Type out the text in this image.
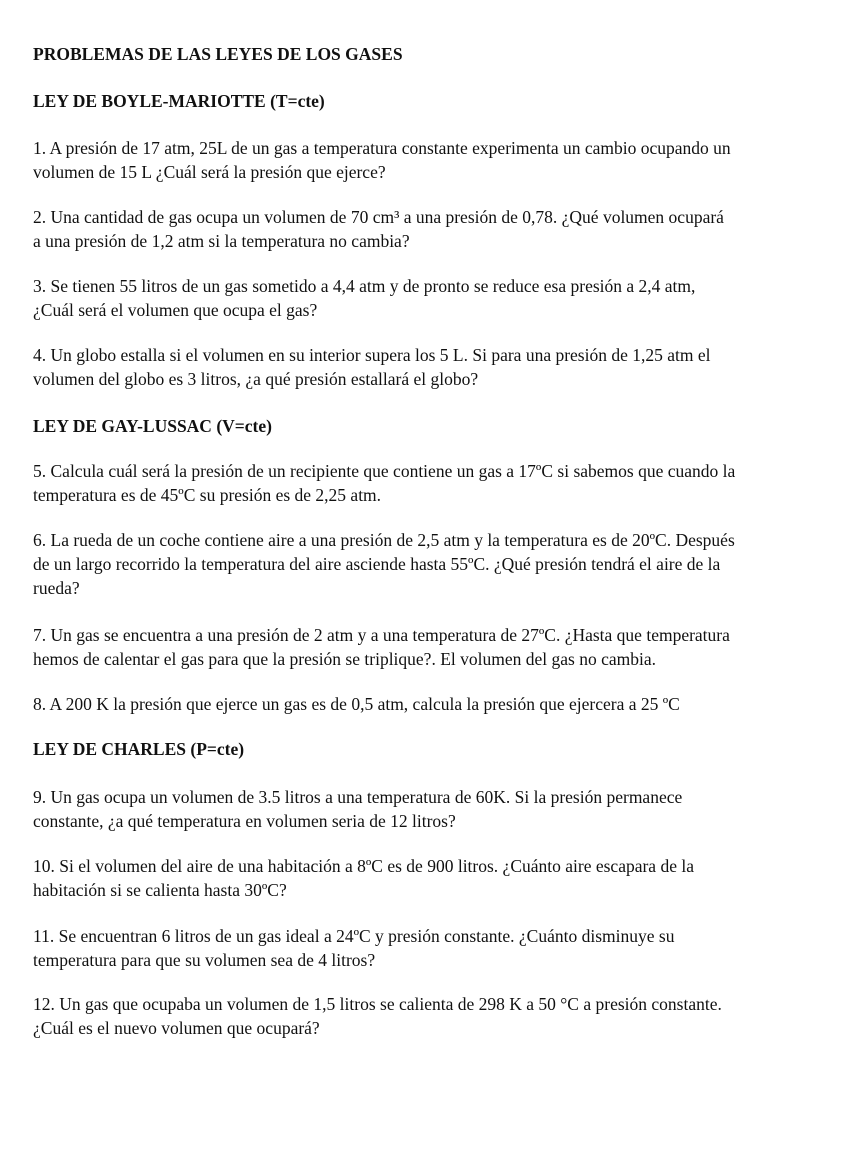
PROBLEMAS DE LAS LEYES DE LOS GASES
LEY DE BOYLE-MARIOTTE (T=cte)
1. A presión de 17 atm, 25L de un gas a temperatura constante experimenta un cambio ocupando un
volumen de 15 L ¿Cuál será la presión que ejerce?
2. Una cantidad de gas ocupa un volumen de 70 cm³ a una presión de 0,78. ¿Qué volumen ocupará
a una presión de 1,2 atm si la temperatura no cambia?
3. Se tienen 55 litros de un gas sometido a 4,4 atm y de pronto se reduce esa presión a 2,4 atm,
¿Cuál será el volumen que ocupa el gas?
4. Un globo estalla si el volumen en su interior supera los 5 L. Si para una presión de 1,25 atm el
volumen del globo es 3 litros, ¿a qué presión estallará el globo?
LEY DE GAY-LUSSAC (V=cte)
5. Calcula cuál será la presión de un recipiente que contiene un gas a 17ºC si sabemos que cuando la
temperatura es de 45ºC su presión es de 2,25 atm.
6. La rueda de un coche contiene aire a una presión de 2,5 atm y la temperatura es de 20ºC. Después
de un largo recorrido la temperatura del aire asciende hasta 55ºC. ¿Qué presión tendrá el aire de la
rueda?
7. Un gas se encuentra a una presión de 2 atm y a una temperatura de 27ºC. ¿Hasta que temperatura
hemos de calentar el gas para que la presión se triplique?. El volumen del gas no cambia.
8. A 200 K la presión que ejerce un gas es de 0,5 atm, calcula la presión que ejercera a 25 ºC
LEY DE CHARLES (P=cte)
9. Un gas ocupa un volumen de 3.5 litros a una temperatura de 60K. Si la presión permanece
constante, ¿a qué temperatura en volumen seria de 12 litros?
10. Si el volumen del aire de una habitación a 8ºC es de 900 litros. ¿Cuánto aire escapara de la
habitación si se calienta hasta 30ºC?
11. Se encuentran 6 litros de un gas ideal a 24ºC y presión constante. ¿Cuánto disminuye su
temperatura para que su volumen sea de 4 litros?
12. Un gas que ocupaba un volumen de 1,5 litros se calienta de 298 K a 50 °C a presión constante.
¿Cuál es el nuevo volumen que ocupará?
